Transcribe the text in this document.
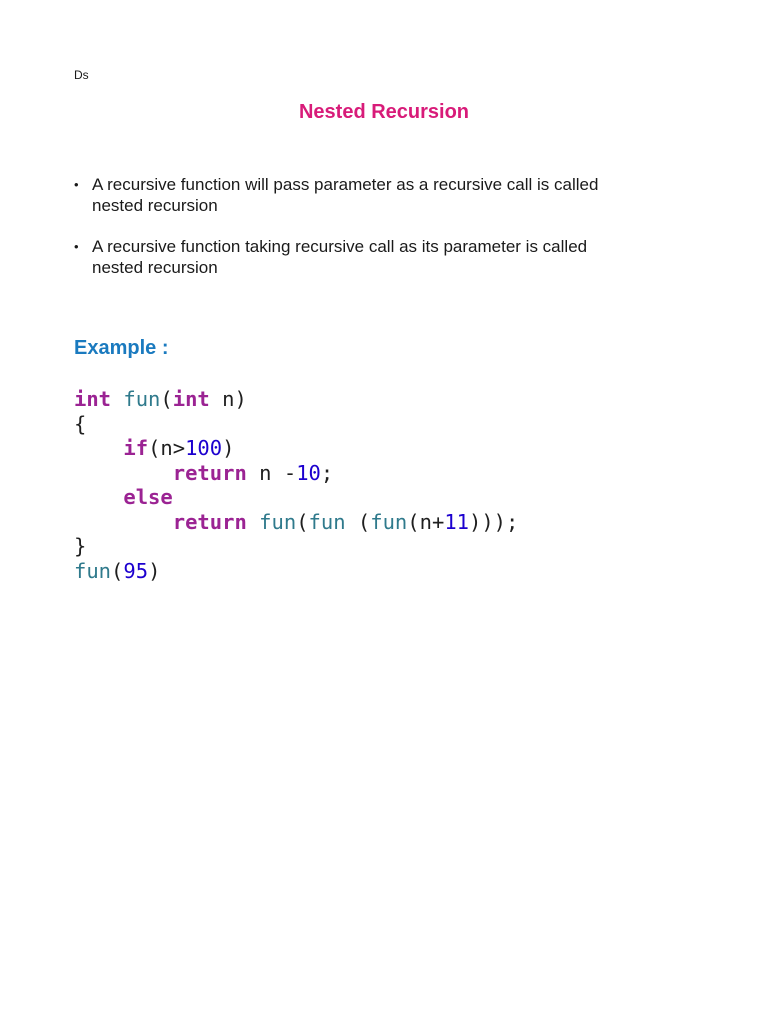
Ds
Nested Recursion
• A recursive function will pass parameter as a recursive call is called
nested recursion
• A recursive function taking recursive call as its parameter is called
nested recursion
Example :
int fun(int n)
{
if(n>100)
return n -10;
else
return fun(fun (fun(n+11)));
}
fun(95)
